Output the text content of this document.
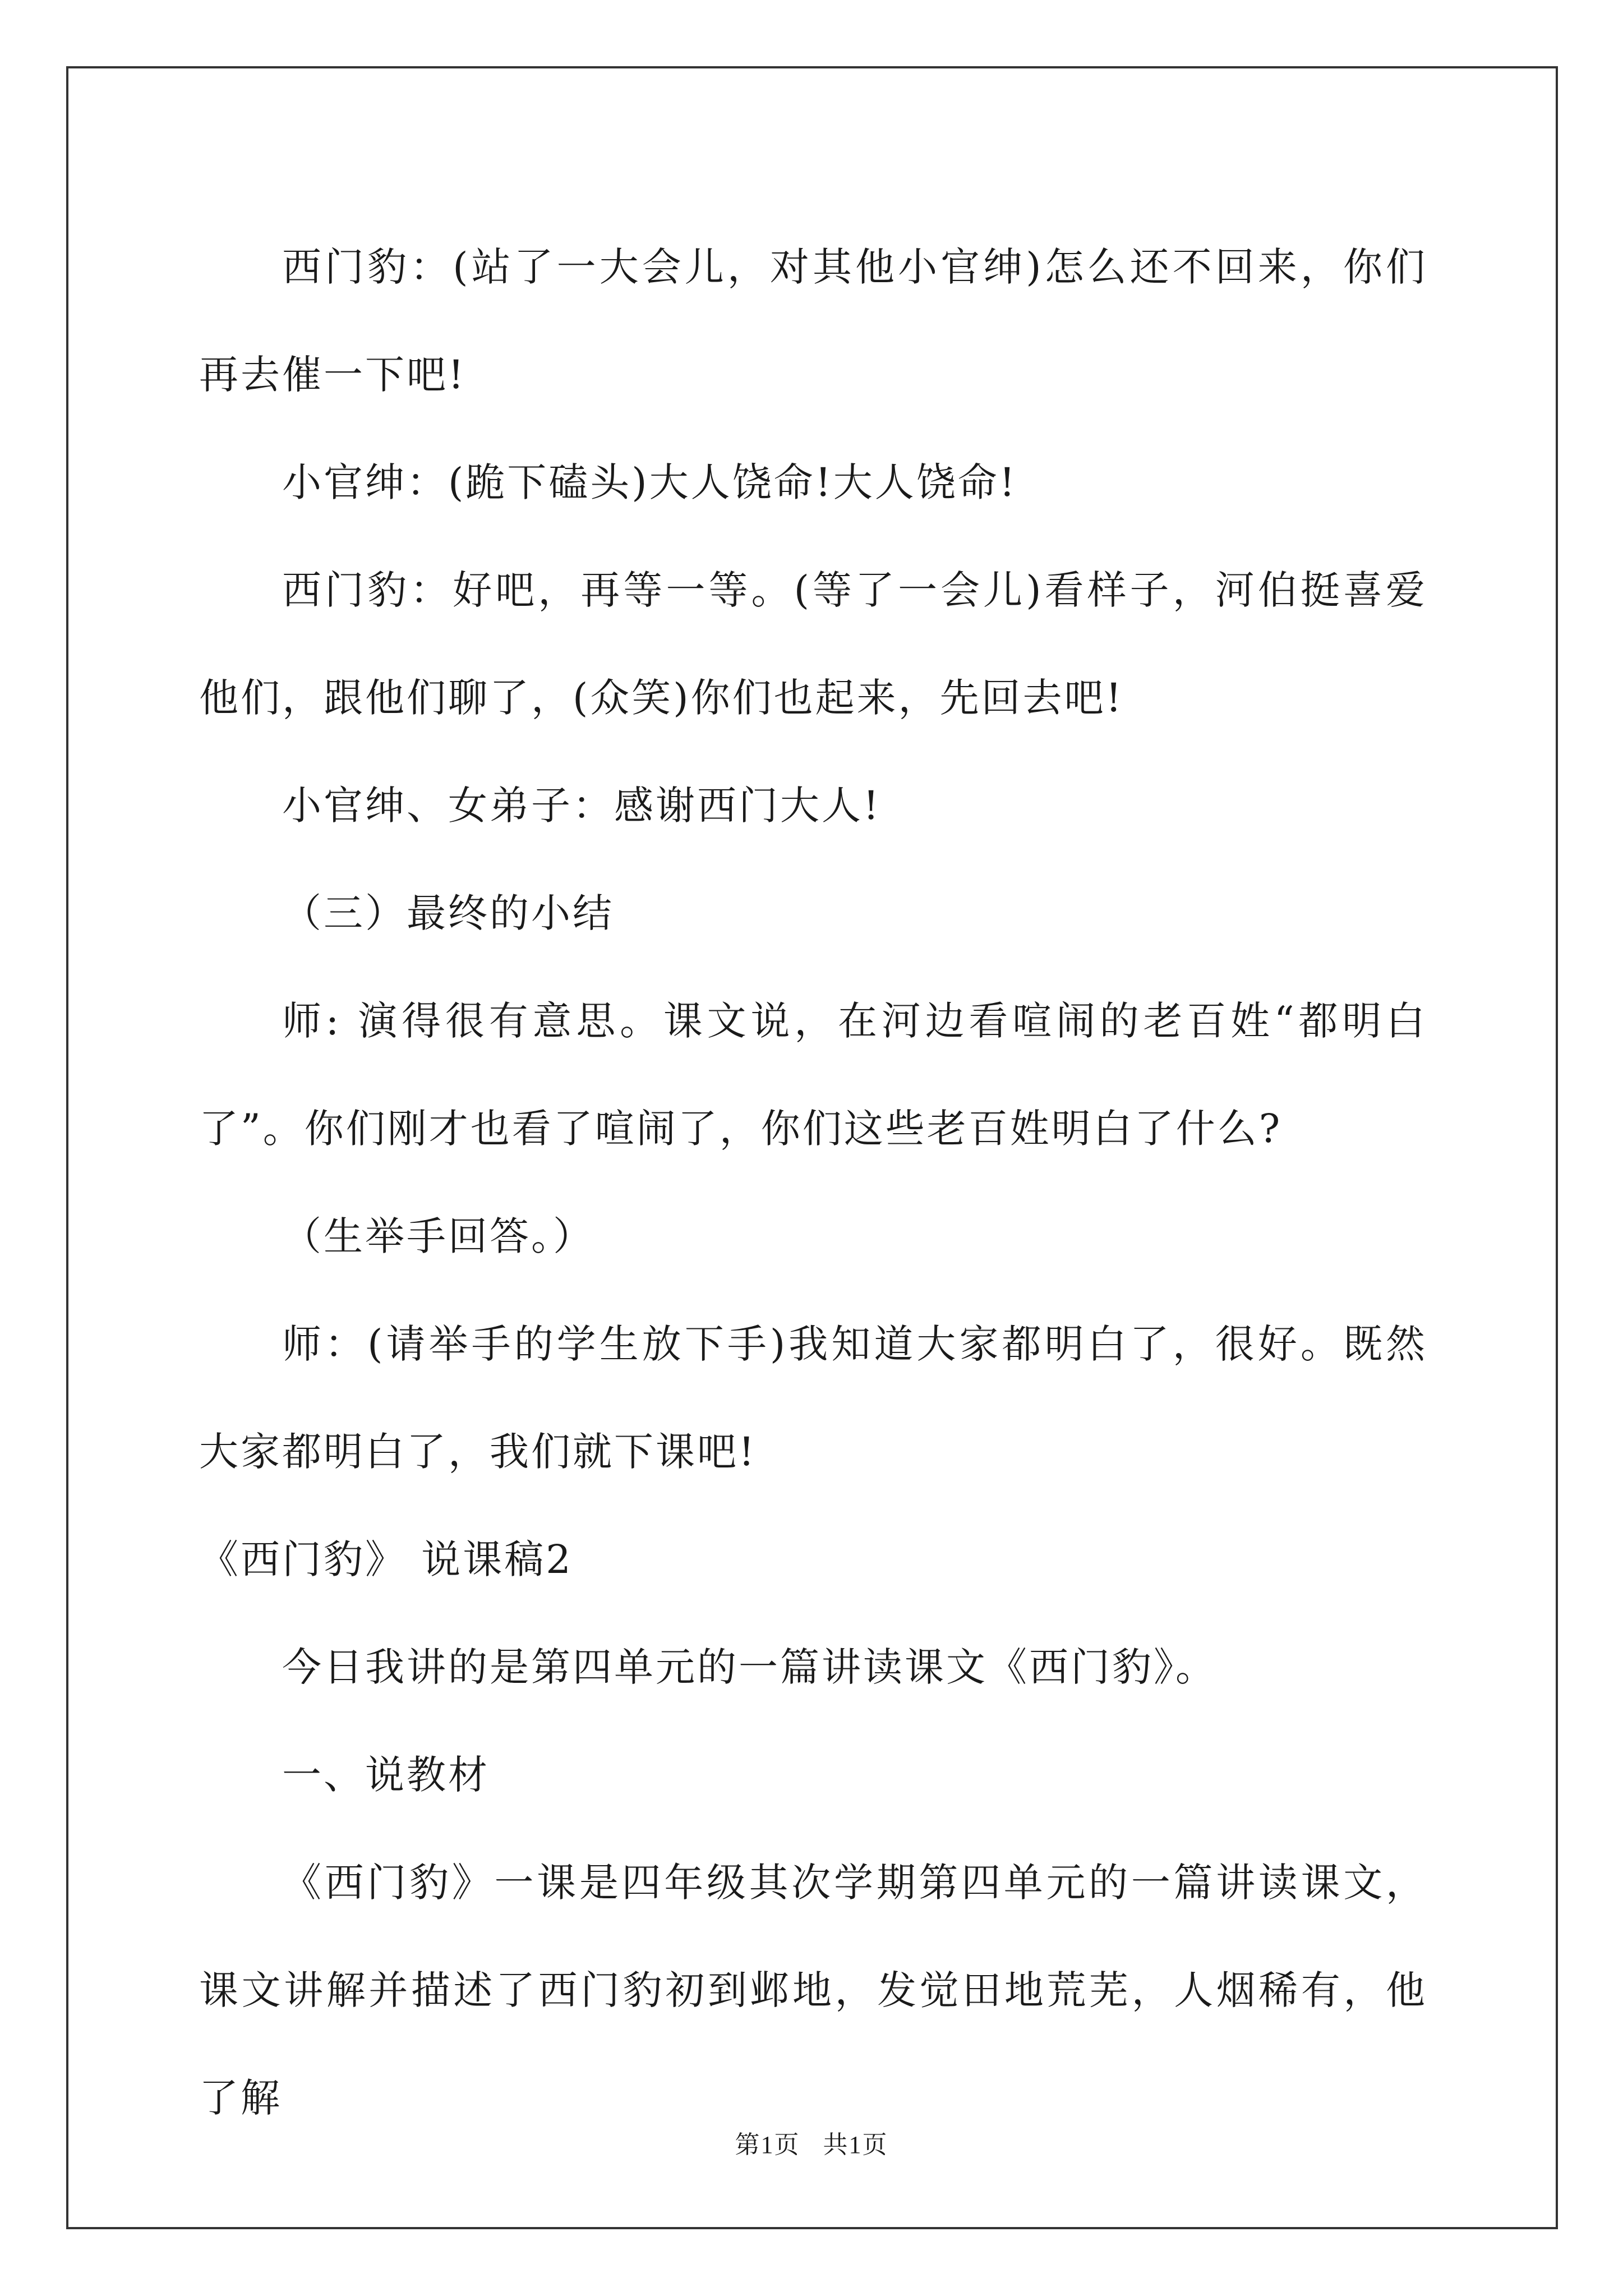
西门豹：(站了一大会儿，对其他小官绅)怎么还不回来，你们再去催一下吧!

小官绅：(跪下磕头)大人饶命!大人饶命!

西门豹：好吧，再等一等。(等了一会儿)看样子，河伯挺喜爱他们，跟他们聊了，(众笑)你们也起来，先回去吧!

小官绅、女弟子：感谢西门大人!

（三）最终的小结

师: 演得很有意思。课文说，在河边看喧闹的老百姓“都明白了”。你们刚才也看了喧闹了，你们这些老百姓明白了什么?

（生举手回答。）

师：(请举手的学生放下手)我知道大家都明白了，很好。既然大家都明白了，我们就下课吧!

《西门豹》 说课稿2

今日我讲的是第四单元的一篇讲读课文《西门豹》。

一、说教材

《西门豹》一课是四年级其次学期第四单元的一篇讲读课文，课文讲解并描述了西门豹初到邺地，发觉田地荒芜，人烟稀有，他了解

第1页 共1页
